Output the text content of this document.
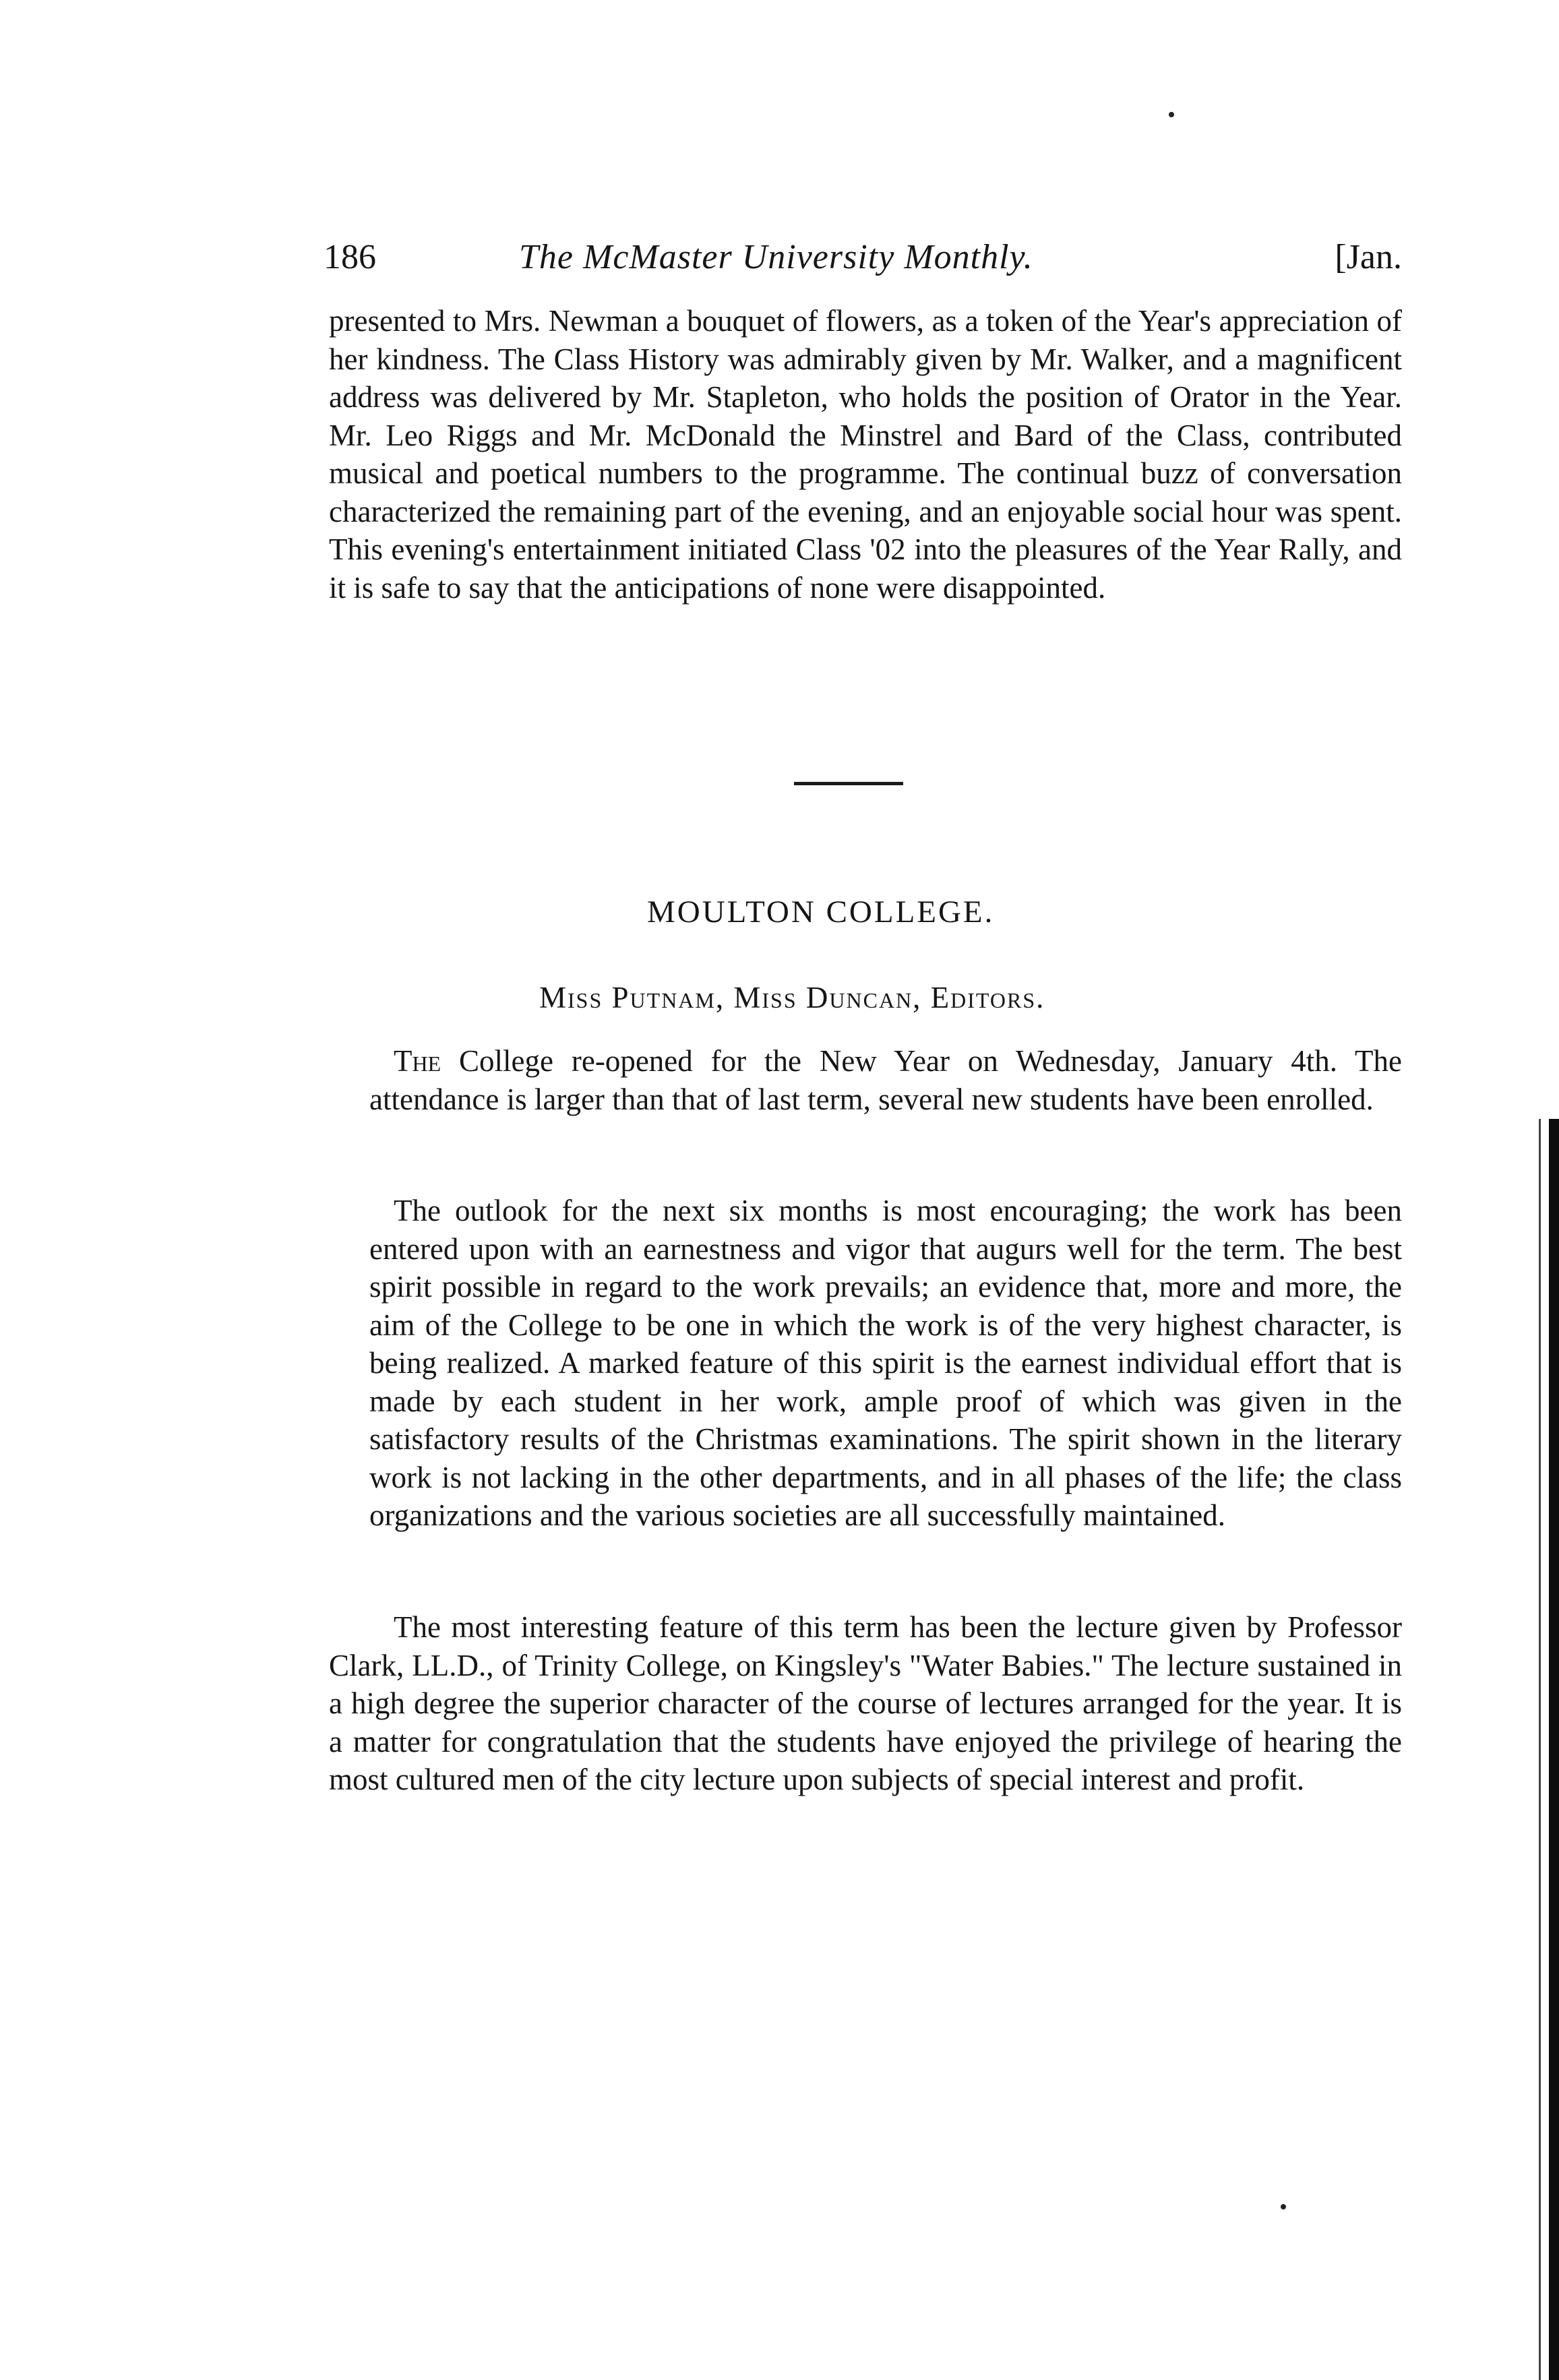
186	The McMaster University Monthly.	[Jan.
presented to Mrs. Newman a bouquet of flowers, as a token of the Year's appreciation of her kindness. The Class History was admirably given by Mr. Walker, and a magnificent address was delivered by Mr. Stapleton, who holds the position of Orator in the Year. Mr. Leo Riggs and Mr. McDonald the Minstrel and Bard of the Class, contributed musical and poetical numbers to the programme. The continual buzz of conversation characterized the remaining part of the evening, and an enjoyable social hour was spent. This evening's entertainment initiated Class '02 into the pleasures of the Year Rally, and it is safe to say that the anticipations of none were disappointed.
MOULTON COLLEGE.
Miss Putnam, Miss Duncan, Editors.
The College re-opened for the New Year on Wednesday, January 4th. The attendance is larger than that of last term, several new students have been enrolled.
The outlook for the next six months is most encouraging; the work has been entered upon with an earnestness and vigor that augurs well for the term. The best spirit possible in regard to the work prevails; an evidence that, more and more, the aim of the College to be one in which the work is of the very highest character, is being realized. A marked feature of this spirit is the earnest individual effort that is made by each student in her work, ample proof of which was given in the satisfactory results of the Christmas examinations. The spirit shown in the literary work is not lacking in the other departments, and in all phases of the life; the class organizations and the various societies are all successfully maintained.
The most interesting feature of this term has been the lecture given by Professor Clark, LL.D., of Trinity College, on Kingsley's "Water Babies." The lecture sustained in a high degree the superior character of the course of lectures arranged for the year. It is a matter for congratulation that the students have enjoyed the privilege of hearing the most cultured men of the city lecture upon subjects of special interest and profit.
